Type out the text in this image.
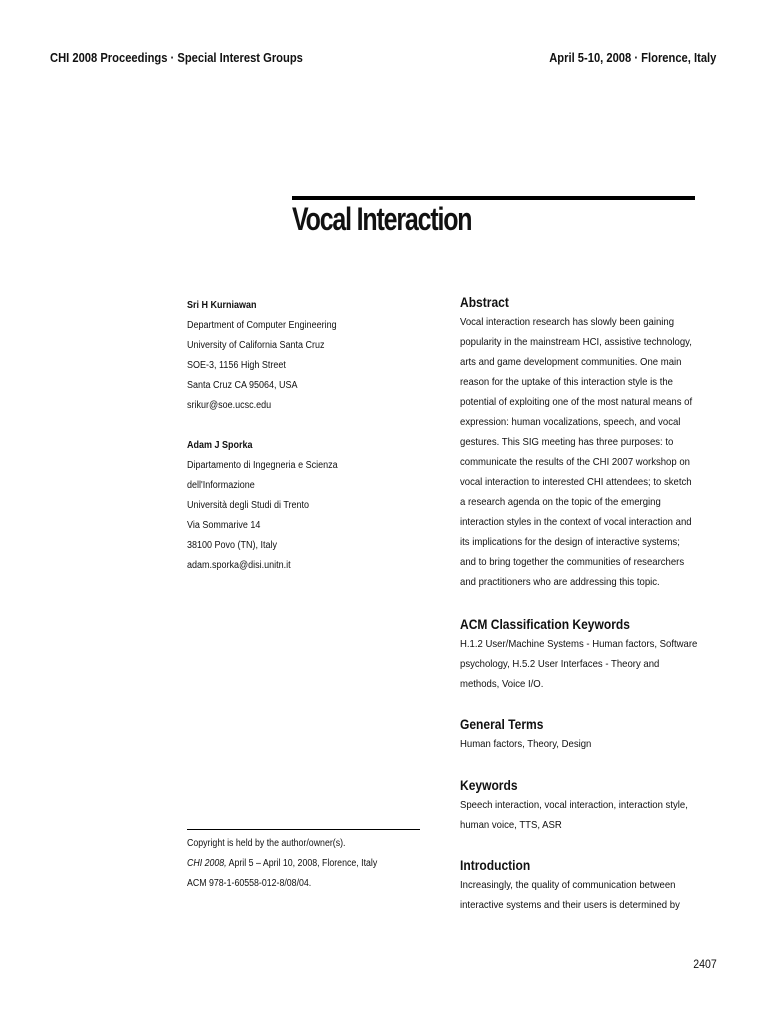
CHI 2008 Proceedings · Special Interest Groups	April 5-10, 2008 · Florence, Italy
Vocal Interaction
Sri H Kurniawan
Department of Computer Engineering
University of California Santa Cruz
SOE-3, 1156 High Street
Santa Cruz CA 95064, USA
srikur@soe.ucsc.edu
Adam J Sporka
Dipartamento di Ingegneria e Scienza
dell'Informazione
Università degli Studi di Trento
Via Sommarive 14
38100 Povo (TN), Italy
adam.sporka@disi.unitn.it
Copyright is held by the author/owner(s).
CHI 2008, April 5 – April 10, 2008, Florence, Italy
ACM 978-1-60558-012-8/08/04.
Abstract
Vocal interaction research has slowly been gaining
popularity in the mainstream HCI, assistive technology,
arts and game development communities. One main
reason for the uptake of this interaction style is the
potential of exploiting one of the most natural means of
expression: human vocalizations, speech, and vocal
gestures. This SIG meeting has three purposes: to
communicate the results of the CHI 2007 workshop on
vocal interaction to interested CHI attendees; to sketch
a research agenda on the topic of the emerging
interaction styles in the context of vocal interaction and
its implications for the design of interactive systems;
and to bring together the communities of researchers
and practitioners who are addressing this topic.
ACM Classification Keywords
H.1.2 User/Machine Systems - Human factors, Software
psychology, H.5.2 User Interfaces - Theory and
methods, Voice I/O.
General Terms
Human factors, Theory, Design
Keywords
Speech interaction, vocal interaction, interaction style,
human voice, TTS, ASR
Introduction
Increasingly, the quality of communication between
interactive systems and their users is determined by
2407
